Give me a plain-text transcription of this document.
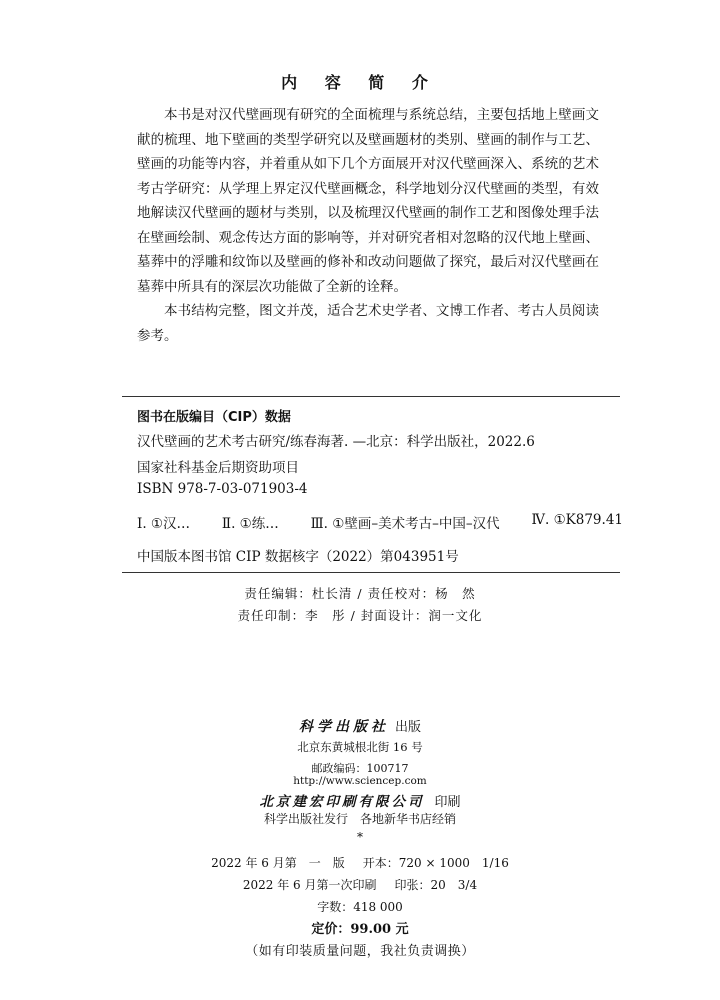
内 容 简 介

本书是对汉代壁画现有研究的全面梳理与系统总结，主要包括地上壁画文献的梳理、地下壁画的类型学研究以及壁画题材的类别、壁画的制作与工艺、壁画的功能等内容，并着重从如下几个方面展开对汉代壁画深入、系统的艺术考古学研究：从学理上界定汉代壁画概念，科学地划分汉代壁画的类型，有效地解读汉代壁画的题材与类别，以及梳理汉代壁画的制作工艺和图像处理手法在壁画绘制、观念传达方面的影响等，并对研究者相对忽略的汉代地上壁画、墓葬中的浮雕和纹饰以及壁画的修补和改动问题做了探究，最后对汉代壁画在墓葬中所具有的深层次功能做了全新的诠释。

本书结构完整，图文并茂，适合艺术史学者、文博工作者、考古人员阅读参考。

图书在版编目（CIP）数据
汉代壁画的艺术考古研究/练春海著. —北京：科学出版社，2022.6
国家社科基金后期资助项目
ISBN 978-7-03-071903-4
Ⅰ. ①汉… Ⅱ. ①练… Ⅲ. ①壁画–美术考古–中国–汉代 Ⅳ. ①K879.41
中国版本图书馆 CIP 数据核字（2022）第043951号
责任编辑：杜长清 / 责任校对：杨　然
责任印制：李　彤 / 封面设计：润一文化
科学出版社 出版
北京东黄城根北街 16 号
邮政编码：100717
http://www.sciencep.com
北京建宏印刷有限公司 印刷
科学出版社发行　各地新华书店经销
*
2022 年 6 月第　一　版 开本：720 × 1000　1/16
2022 年 6 月第一次印刷 印张：20　3/4
字数：418 000
定价：99.00 元
（如有印装质量问题，我社负责调换）
